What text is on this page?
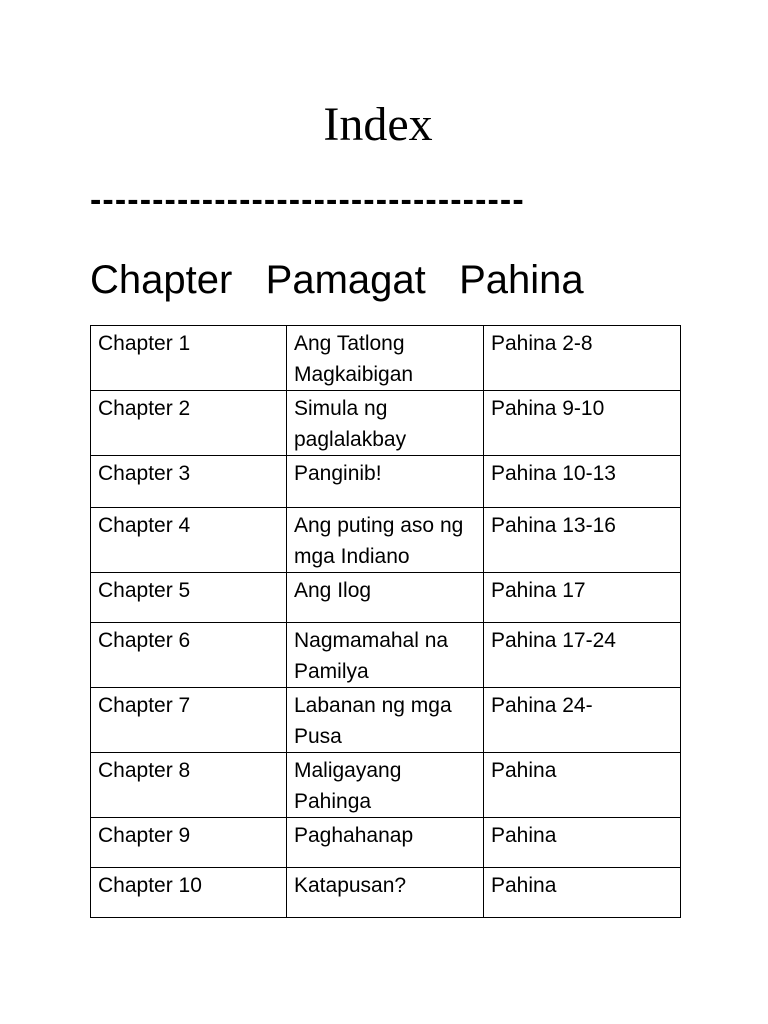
Index
-----------------------------------
Chapter Pamagat Pahina
Chapter 1	Ang Tatlong Magkaibigan	Pahina 2-8
Chapter 2	Simula ng paglalakbay	Pahina 9-10
Chapter 3	Panginib!	Pahina 10-13
Chapter 4	Ang puting aso ng mga Indiano	Pahina 13-16
Chapter 5	Ang Ilog	Pahina 17
Chapter 6	Nagmamahal na Pamilya	Pahina 17-24
Chapter 7	Labanan ng mga Pusa	Pahina 24-
Chapter 8	Maligayang Pahinga	Pahina
Chapter 9	Paghahanap	Pahina
Chapter 10	Katapusan?	Pahina
